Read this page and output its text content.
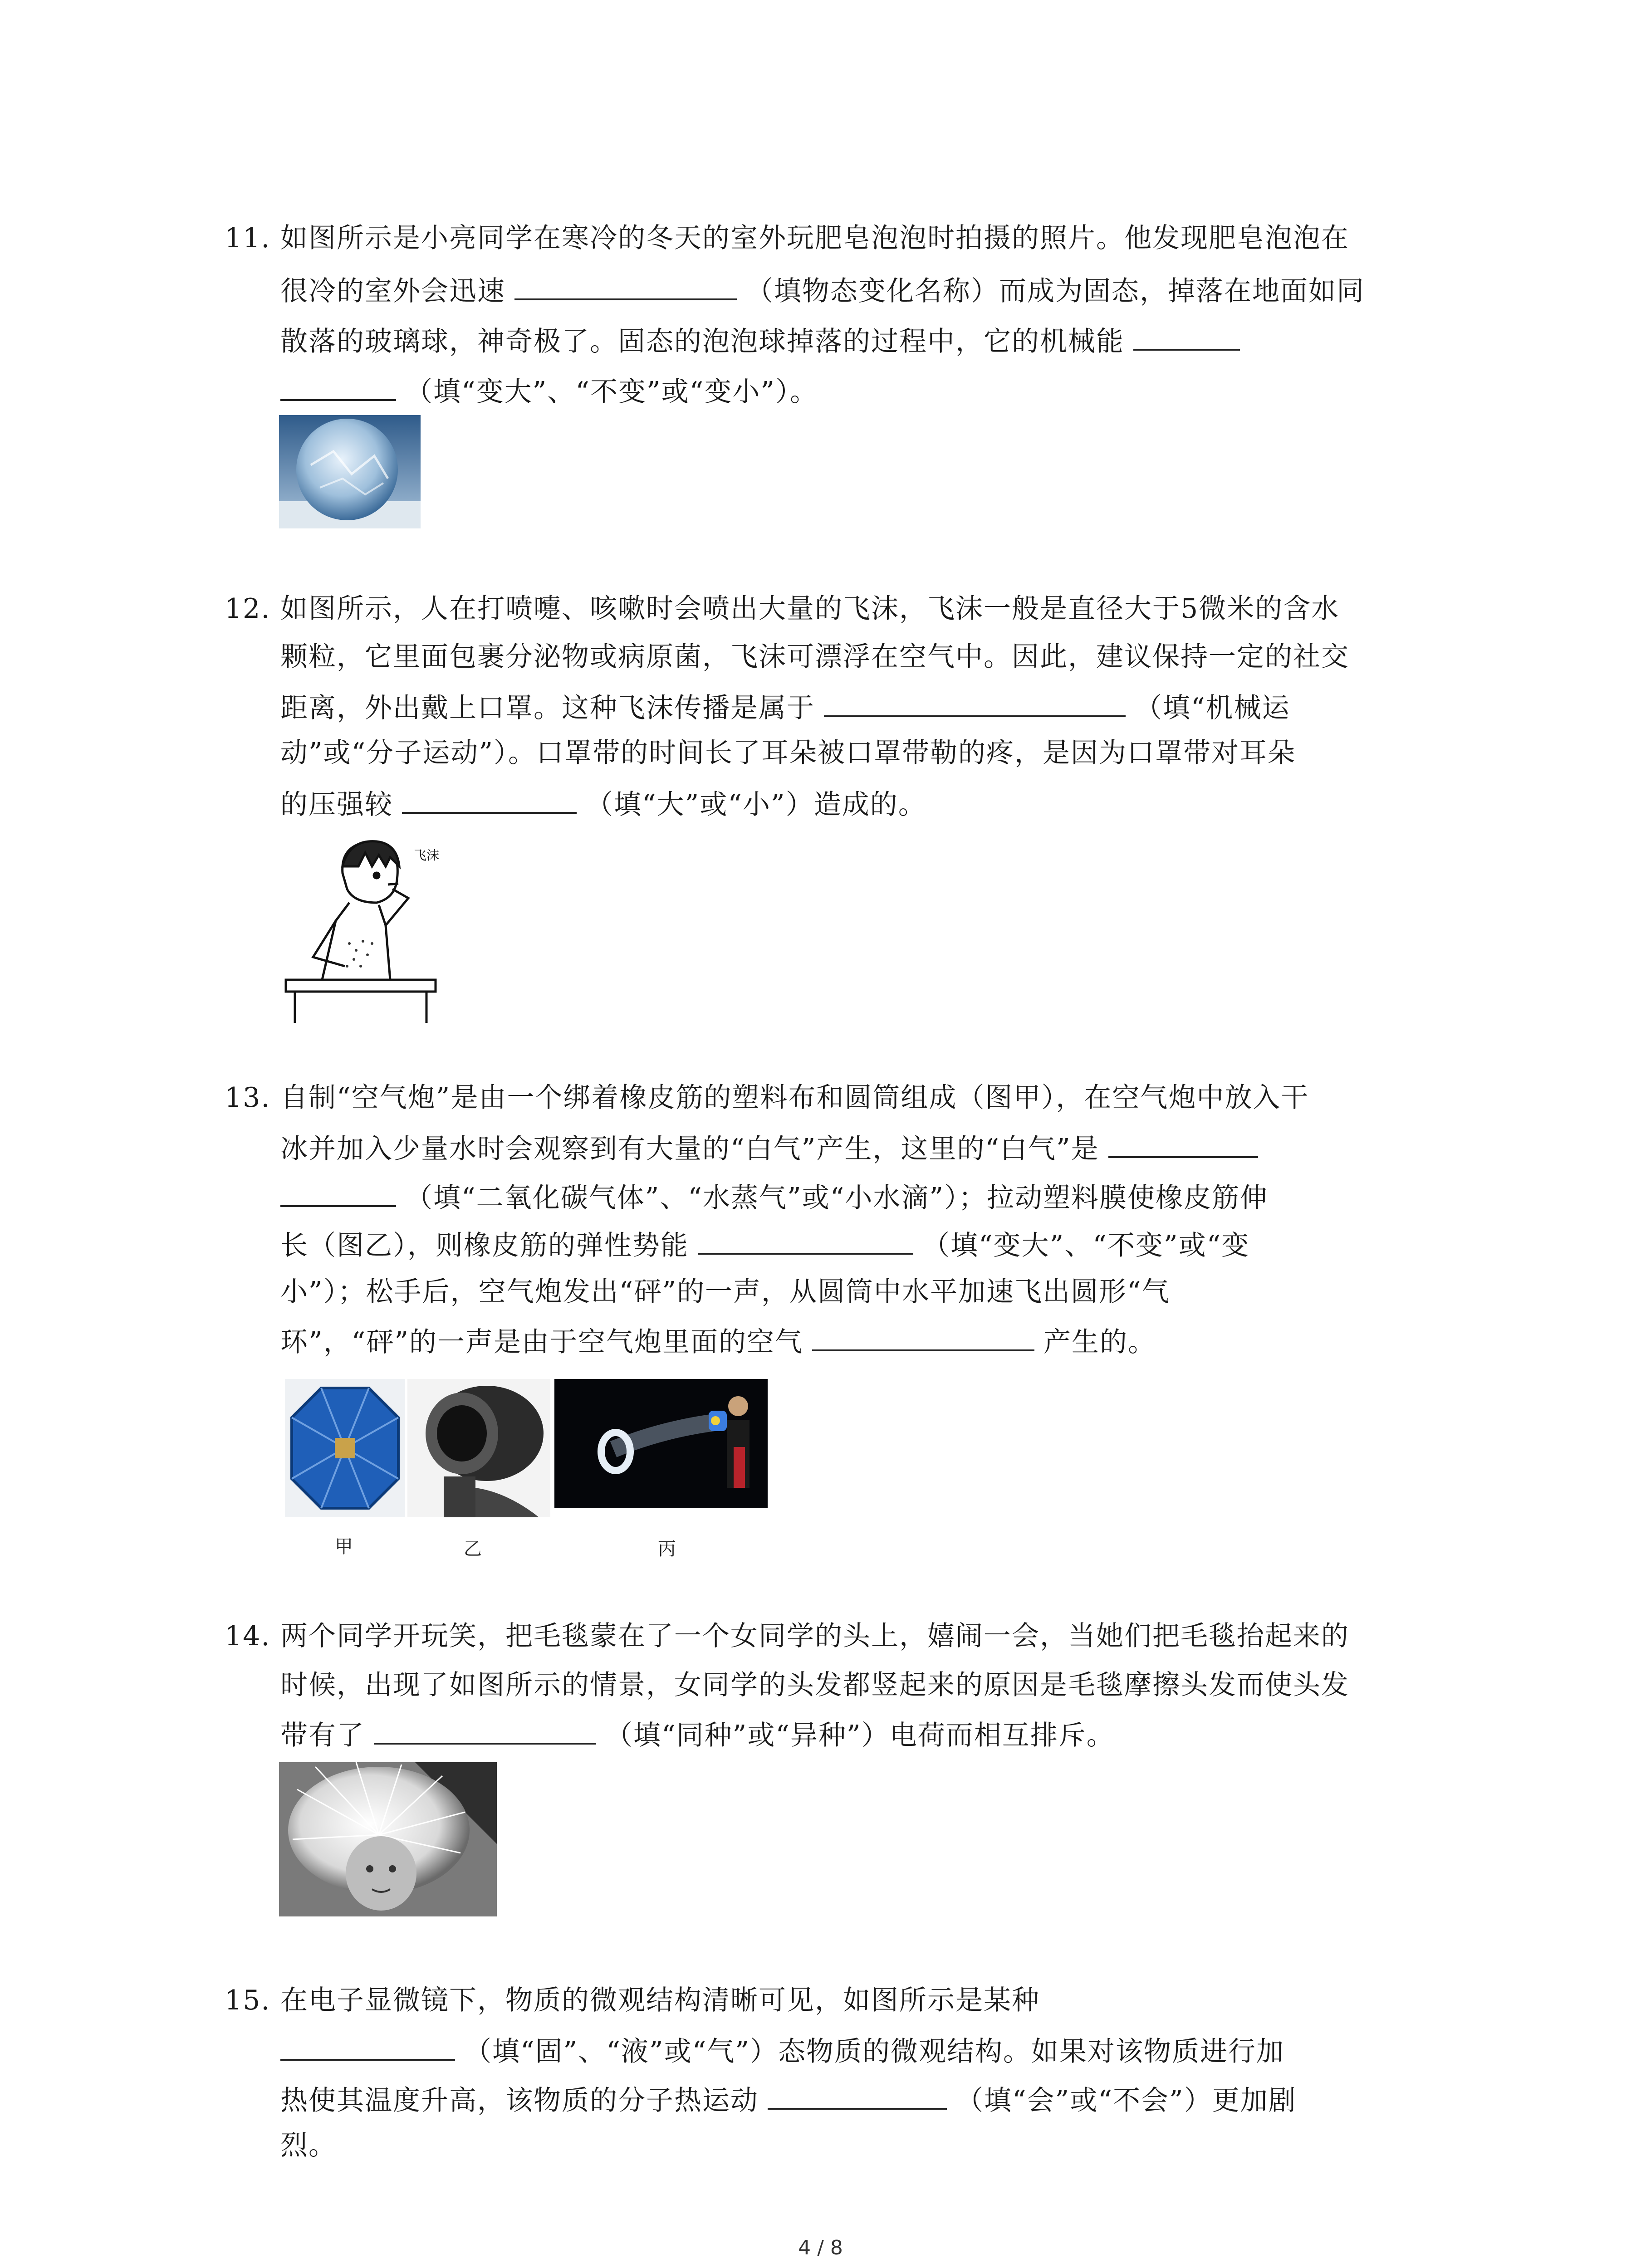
11. 如图所示是小亮同学在寒冷的冬天的室外玩肥皂泡泡时拍摄的照片。他发现肥皂泡泡在
很冷的室外会迅速	（填物态变化名称）而成为固态，掉落在地面如同
散落的玻璃球，神奇极了。固态的泡泡球掉落的过程中，它的机械能
（填“变大”、“不变”或“变小”）。
12. 如图所示，人在打喷嚏、咳嗽时会喷出大量的飞沫，飞沫一般是直径大于5微米的含水
颗粒，它里面包裹分泌物或病原菌，飞沫可漂浮在空气中。因此，建议保持一定的社交
距离，外出戴上口罩。这种飞沫传播是属于	（填“机械运
动”或“分子运动”）。口罩带的时间长了耳朵被口罩带勒的疼，是因为口罩带对耳朵
的压强较	（填“大”或“小”）造成的。
飞沫
13. 自制“空气炮”是由一个绑着橡皮筋的塑料布和圆筒组成（图甲），在空气炮中放入干
冰并加入少量水时会观察到有大量的“白气”产生，这里的“白气”是
（填“二氧化碳气体”、“水蒸气”或“小水滴”）；拉动塑料膜使橡皮筋伸
长（图乙），则橡皮筋的弹性势能	（填“变大”、“不变”或“变
小”）；松手后，空气炮发出“砰”的一声，从圆筒中水平加速飞出圆形“气
环”，“砰”的一声是由于空气炮里面的空气	产生的。
甲	乙	丙
14. 两个同学开玩笑，把毛毯蒙在了一个女同学的头上，嬉闹一会，当她们把毛毯抬起来的
时候，出现了如图所示的情景，女同学的头发都竖起来的原因是毛毯摩擦头发而使头发
带有了	（填“同种”或“异种”）电荷而相互排斥。
15. 在电子显微镜下，物质的微观结构清晰可见，如图所示是某种
（填“固”、“液”或“气”）态物质的微观结构。如果对该物质进行加
热使其温度升高，该物质的分子热运动	（填“会”或“不会”）更加剧
烈。
4 / 8
